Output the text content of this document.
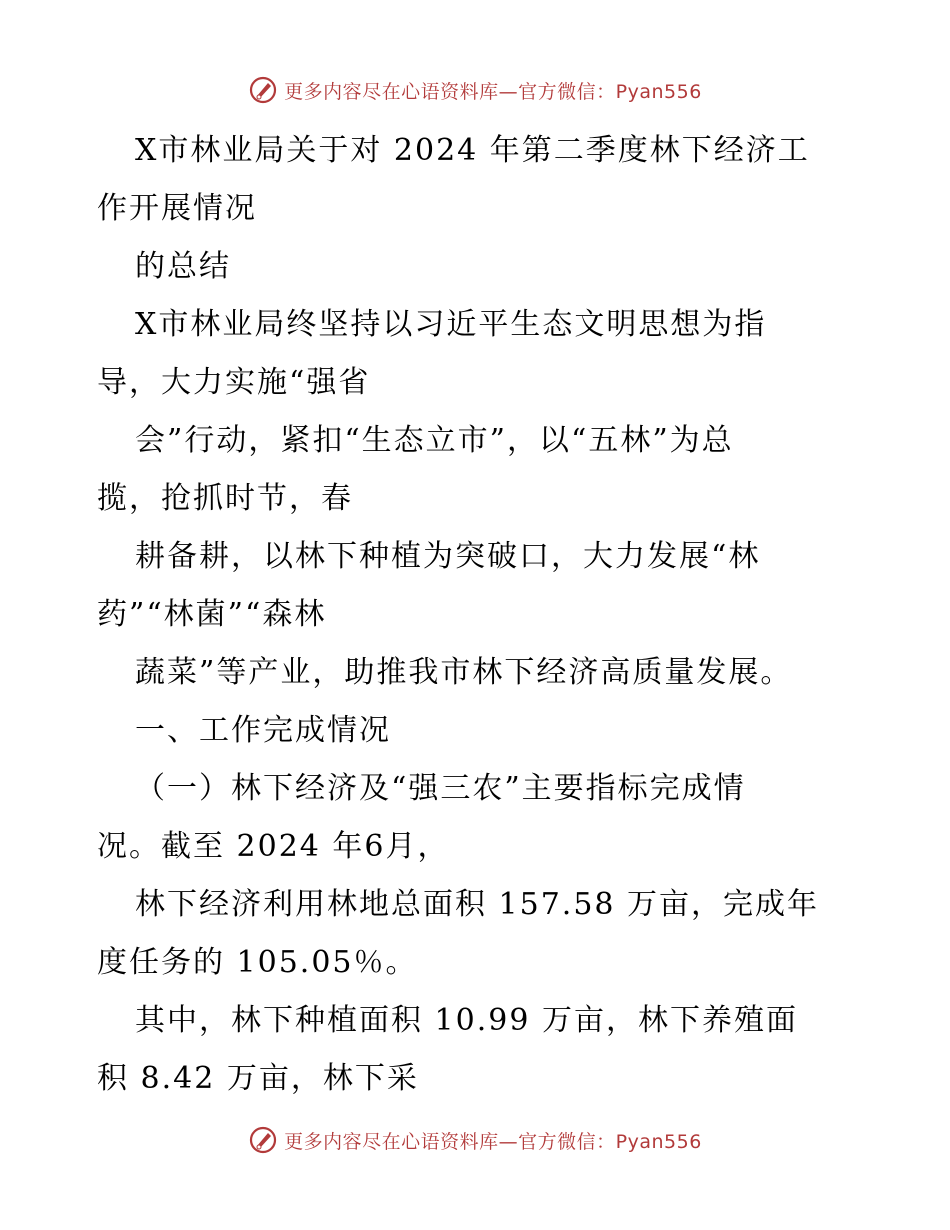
更多内容尽在心语资料库—官方微信：Pyan556
X市林业局关于对 2024 年第二季度林下经济工
作开展情况
的总结
X市林业局终坚持以习近平生态文明思想为指
导，大力实施“强省
会”行动，紧扣“生态立市”，以“五林”为总
揽，抢抓时节，春
耕备耕，以林下种植为突破口，大力发展“林
药”“林菌”“森林
蔬菜”等产业，助推我市林下经济高质量发展。
一、工作完成情况
（一）林下经济及“强三农”主要指标完成情
况。截至 2024 年6月，
林下经济利用林地总面积 157.58 万亩，完成年
度任务的 105.05％。
其中，林下种植面积 10.99 万亩，林下养殖面
积 8.42 万亩，林下采
更多内容尽在心语资料库—官方微信：Pyan556
